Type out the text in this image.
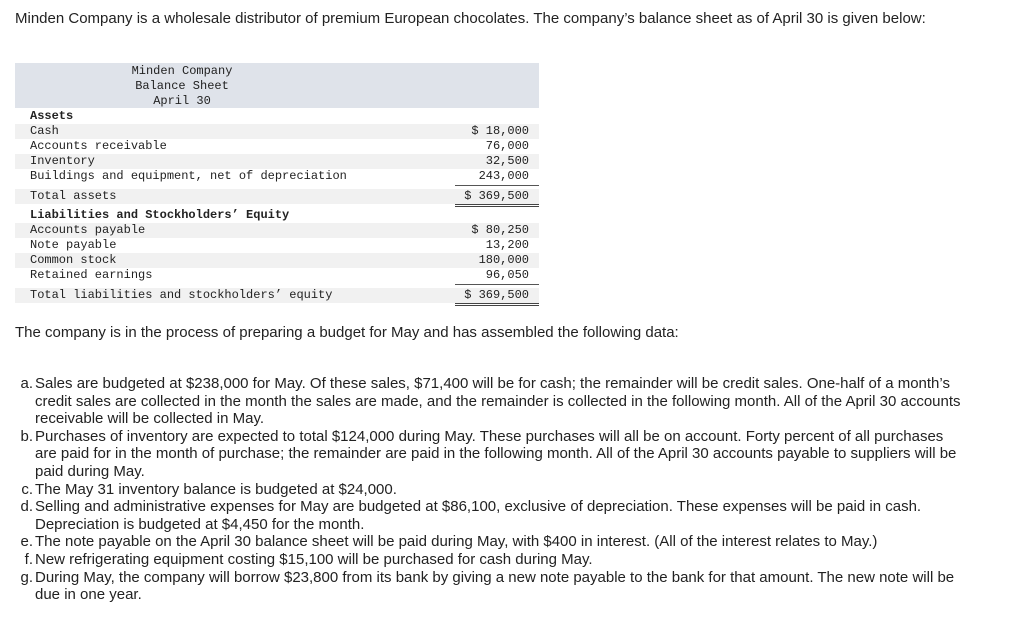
Minden Company is a wholesale distributor of premium European chocolates. The company’s balance sheet as of April 30 is given below:

Minden Company
Balance Sheet
April 30
Assets
Cash	$ 18,000
Accounts receivable	76,000
Inventory	32,500
Buildings and equipment, net of depreciation	243,000
Total assets	$ 369,500
Liabilities and Stockholders’ Equity
Accounts payable	$ 80,250
Note payable	13,200
Common stock	180,000
Retained earnings	96,050
Total liabilities and stockholders’ equity	$ 369,500

The company is in the process of preparing a budget for May and has assembled the following data:

a. Sales are budgeted at $238,000 for May. Of these sales, $71,400 will be for cash; the remainder will be credit sales. One-half of a month’s credit sales are collected in the month the sales are made, and the remainder is collected in the following month. All of the April 30 accounts receivable will be collected in May.
b. Purchases of inventory are expected to total $124,000 during May. These purchases will all be on account. Forty percent of all purchases are paid for in the month of purchase; the remainder are paid in the following month. All of the April 30 accounts payable to suppliers will be paid during May.
c. The May 31 inventory balance is budgeted at $24,000.
d. Selling and administrative expenses for May are budgeted at $86,100, exclusive of depreciation. These expenses will be paid in cash. Depreciation is budgeted at $4,450 for the month.
e. The note payable on the April 30 balance sheet will be paid during May, with $400 in interest. (All of the interest relates to May.)
f. New refrigerating equipment costing $15,100 will be purchased for cash during May.
g. During May, the company will borrow $23,800 from its bank by giving a new note payable to the bank for that amount. The new note will be due in one year.
